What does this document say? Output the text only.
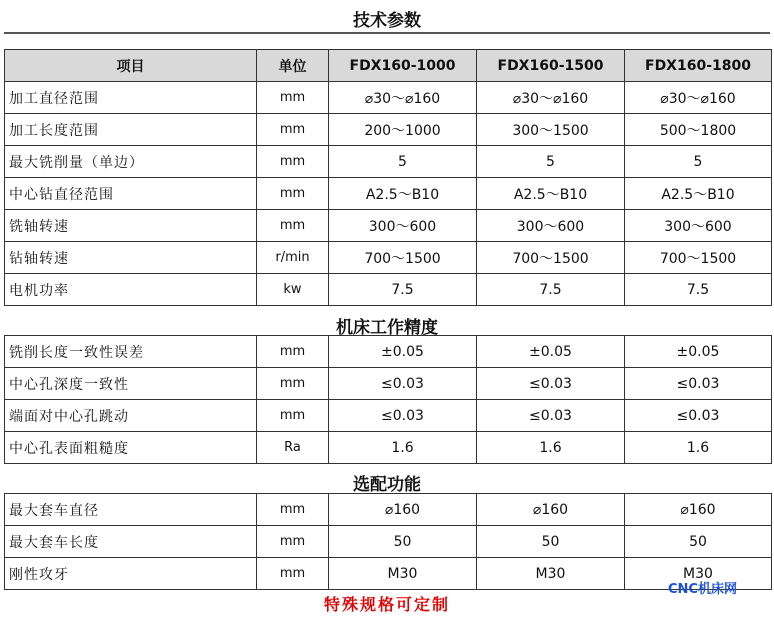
技术参数
项目	单位	FDX160-1000	FDX160-1500	FDX160-1800
加工直径范围	mm	⌀30～⌀160	⌀30～⌀160	⌀30～⌀160
加工长度范围	mm	200～1000	300～1500	500～1800
最大铣削量（单边）	mm	5	5	5
中心钻直径范围	mm	A2.5～B10	A2.5～B10	A2.5～B10
铣轴转速	mm	300～600	300～600	300～600
钻轴转速	r/min	700～1500	700～1500	700～1500
电机功率	kw	7.5	7.5	7.5
机床工作精度
铣削长度一致性误差	mm	±0.05	±0.05	±0.05
中心孔深度一致性	mm	≤0.03	≤0.03	≤0.03
端面对中心孔跳动	mm	≤0.03	≤0.03	≤0.03
中心孔表面粗糙度	Ra	1.6	1.6	1.6
选配功能
最大套车直径	mm	⌀160	⌀160	⌀160
最大套车长度	mm	50	50	50
刚性攻牙	mm	M30	M30	M30
特殊规格可定制
CNC机床网
